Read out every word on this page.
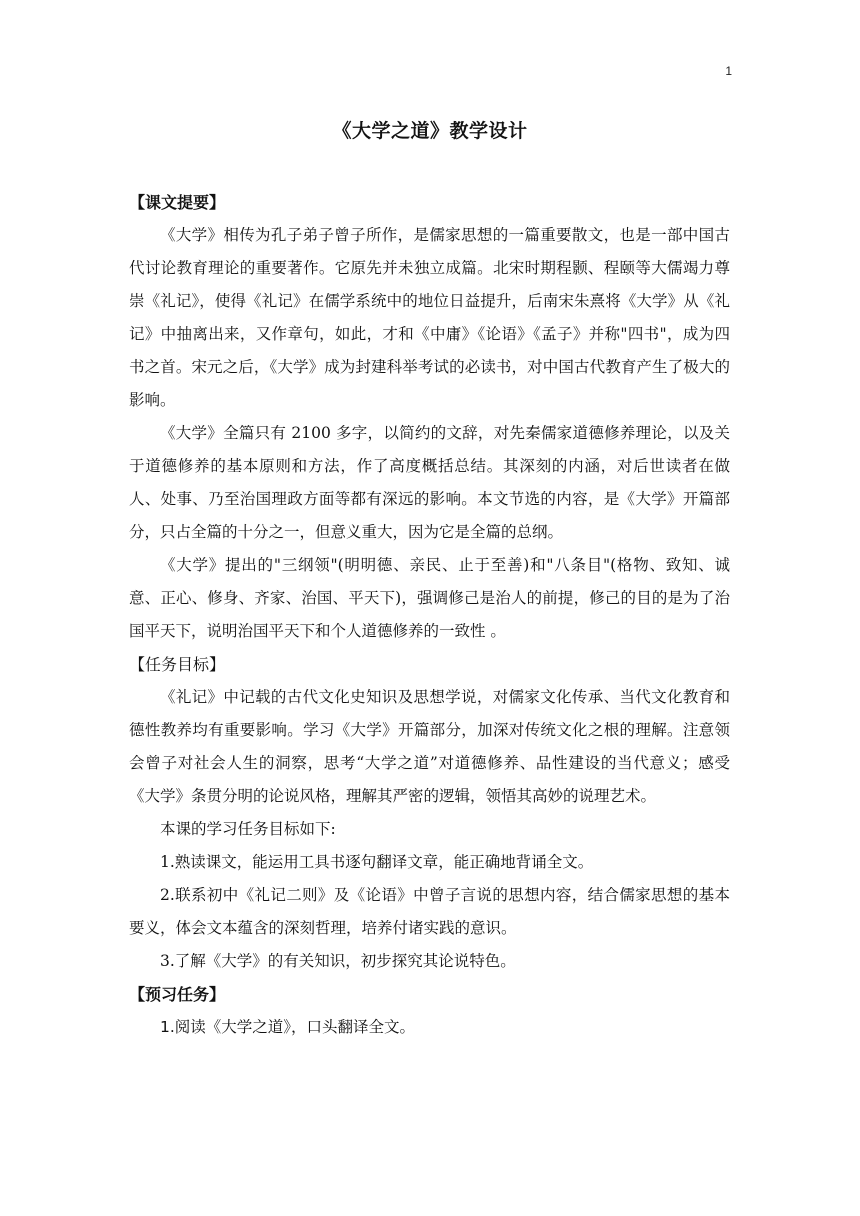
1
《大学之道》教学设计
【课文提要】

《大学》相传为孔子弟子曾子所作，是儒家思想的一篇重要散文，也是一部中国古代讨论教育理论的重要著作。它原先并未独立成篇。北宋时期程颢、程颐等大儒竭力尊崇《礼记》，使得《礼记》在儒学系统中的地位日益提升，后南宋朱熹将《大学》从《礼记》中抽离出来，又作章句，如此，才和《中庸》《论语》《孟子》并称"四书"，成为四书之首。宋元之后，《大学》成为封建科举考试的必读书，对中国古代教育产生了极大的影响。

《大学》全篇只有 2100 多字，以简约的文辞，对先秦儒家道德修养理论，以及关于道德修养的基本原则和方法，作了高度概括总结。其深刻的内涵，对后世读者在做人、处事、乃至治国理政方面等都有深远的影响。本文节选的内容，是《大学》开篇部分，只占全篇的十分之一，但意义重大，因为它是全篇的总纲。

《大学》提出的"三纲领"(明明德、亲民、止于至善)和"八条目"(格物、致知、诚意、正心、修身、齐家、治国、平天下)，强调修己是治人的前提，修己的目的是为了治国平天下，说明治国平天下和个人道德修养的一致性 。

【任务目标】

《礼记》中记载的古代文化史知识及思想学说，对儒家文化传承、当代文化教育和德性教养均有重要影响。学习《大学》开篇部分，加深对传统文化之根的理解。注意领会曾子对社会人生的洞察，思考“大学之道”对道德修养、品性建设的当代意义；感受《大学》条贯分明的论说风格，理解其严密的逻辑，领悟其高妙的说理艺术。

本课的学习任务目标如下:

1.熟读课文，能运用工具书逐句翻译文章，能正确地背诵全文。

2.联系初中《礼记二则》及《论语》中曾子言说的思想内容，结合儒家思想的基本要义，体会文本蕴含的深刻哲理，培养付诸实践的意识。

3.了解《大学》的有关知识，初步探究其论说特色。

【预习任务】

1.阅读《大学之道》，口头翻译全文。
